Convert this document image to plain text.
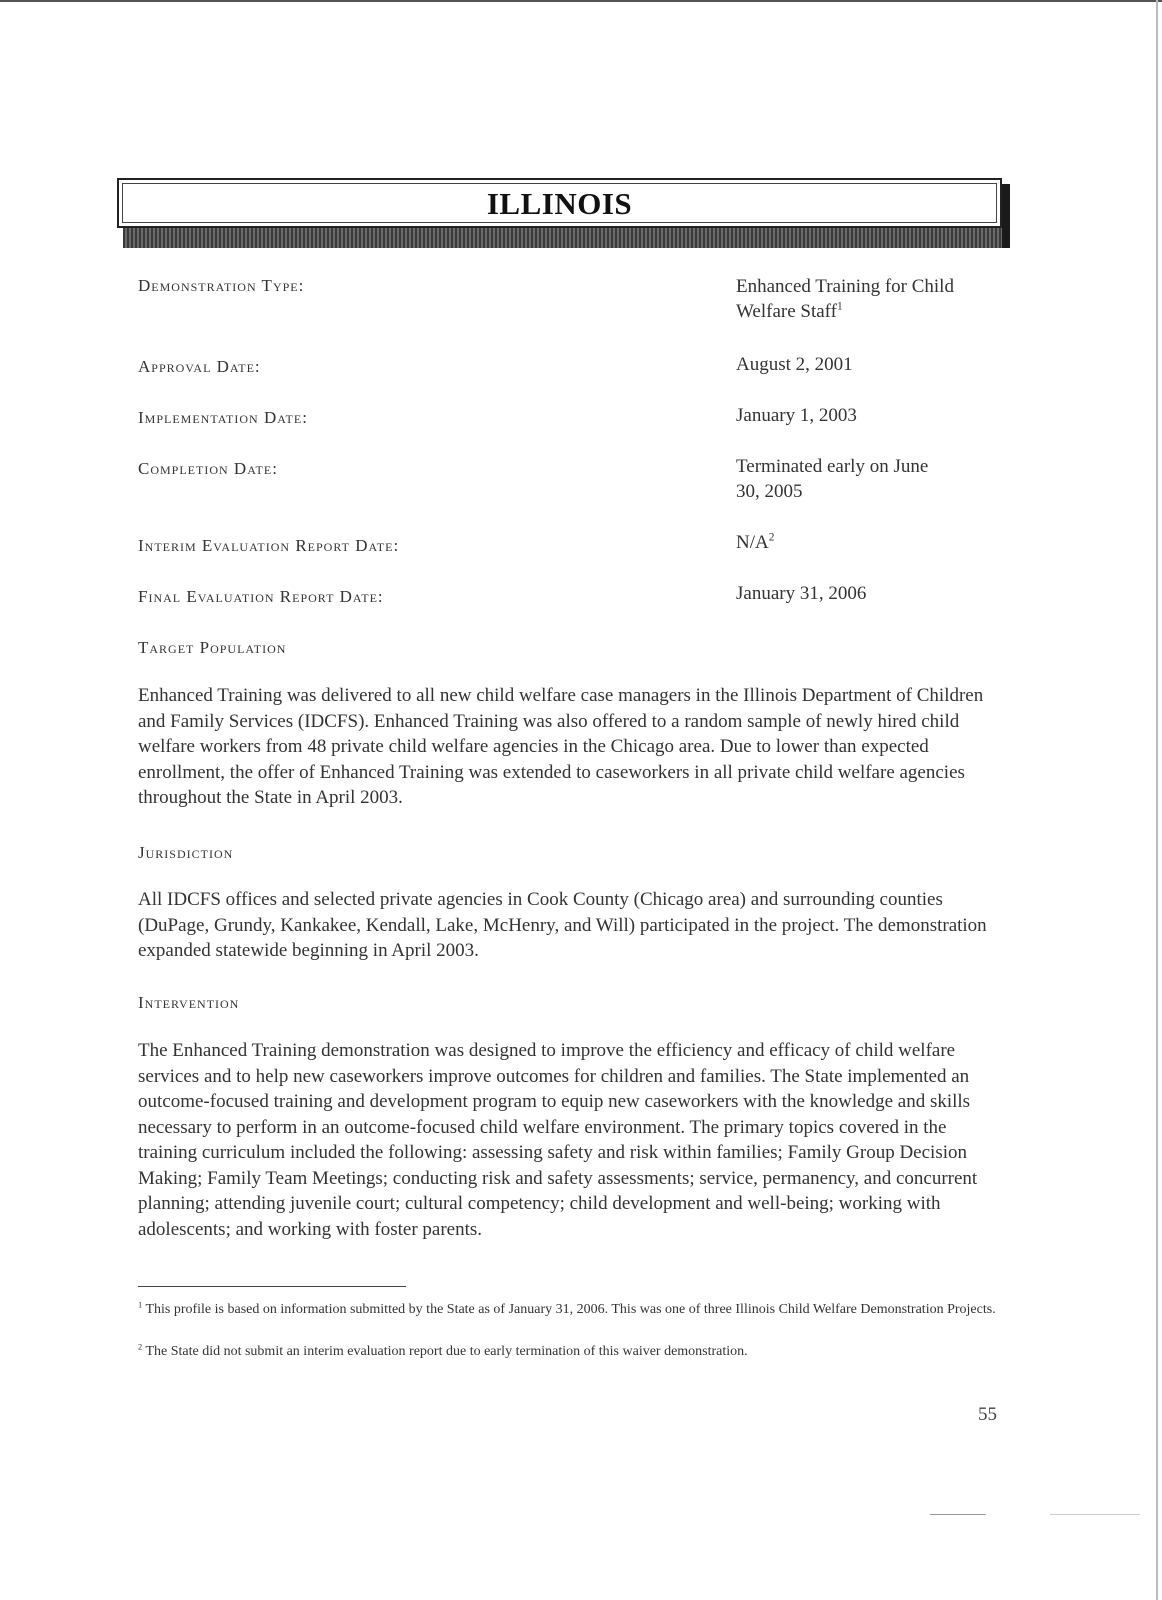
ILLINOIS
Demonstration Type:	Enhanced Training for Child Welfare Staff$^1$
Approval Date:	August 2, 2001
Implementation Date:	January 1, 2003
Completion Date:	Terminated early on June 30, 2005
Interim Evaluation Report Date:	$N/A^2$
Final Evaluation Report Date:	January 31, 2006
Target Population

Enhanced Training was delivered to all new child welfare case managers in the Illinois Department of Children and Family Services (IDCFS). Enhanced Training was also offered to a random sample of newly hired child welfare workers from 48 private child welfare agencies in the Chicago area. Due to lower than expected enrollment, the offer of Enhanced Training was extended to caseworkers in all private child welfare agencies throughout the State in April 2003.

Jurisdiction

All IDCFS offices and selected private agencies in Cook County (Chicago area) and surrounding counties (DuPage, Grundy, Kankakee, Kendall, Lake, McHenry, and Will) participated in the project. The demonstration expanded statewide beginning in April 2003.

Intervention

The Enhanced Training demonstration was designed to improve the efficiency and efficacy of child welfare services and to help new caseworkers improve outcomes for children and families. The State implemented an outcome-focused training and development program to equip new caseworkers with the knowledge and skills necessary to perform in an outcome-focused child welfare environment. The primary topics covered in the training curriculum included the following: assessing safety and risk within families; Family Group Decision Making; Family Team Meetings; conducting risk and safety assessments; service, permanency, and concurrent planning; attending juvenile court; cultural competency; child development and well-being; working with adolescents; and working with foster parents.

$^1$ This profile is based on information submitted by the State as of January 31, 2006. This was one of three Illinois Child Welfare Demonstration Projects.

$^2$ The State did not submit an interim evaluation report due to early termination of this waiver demonstration.

55
